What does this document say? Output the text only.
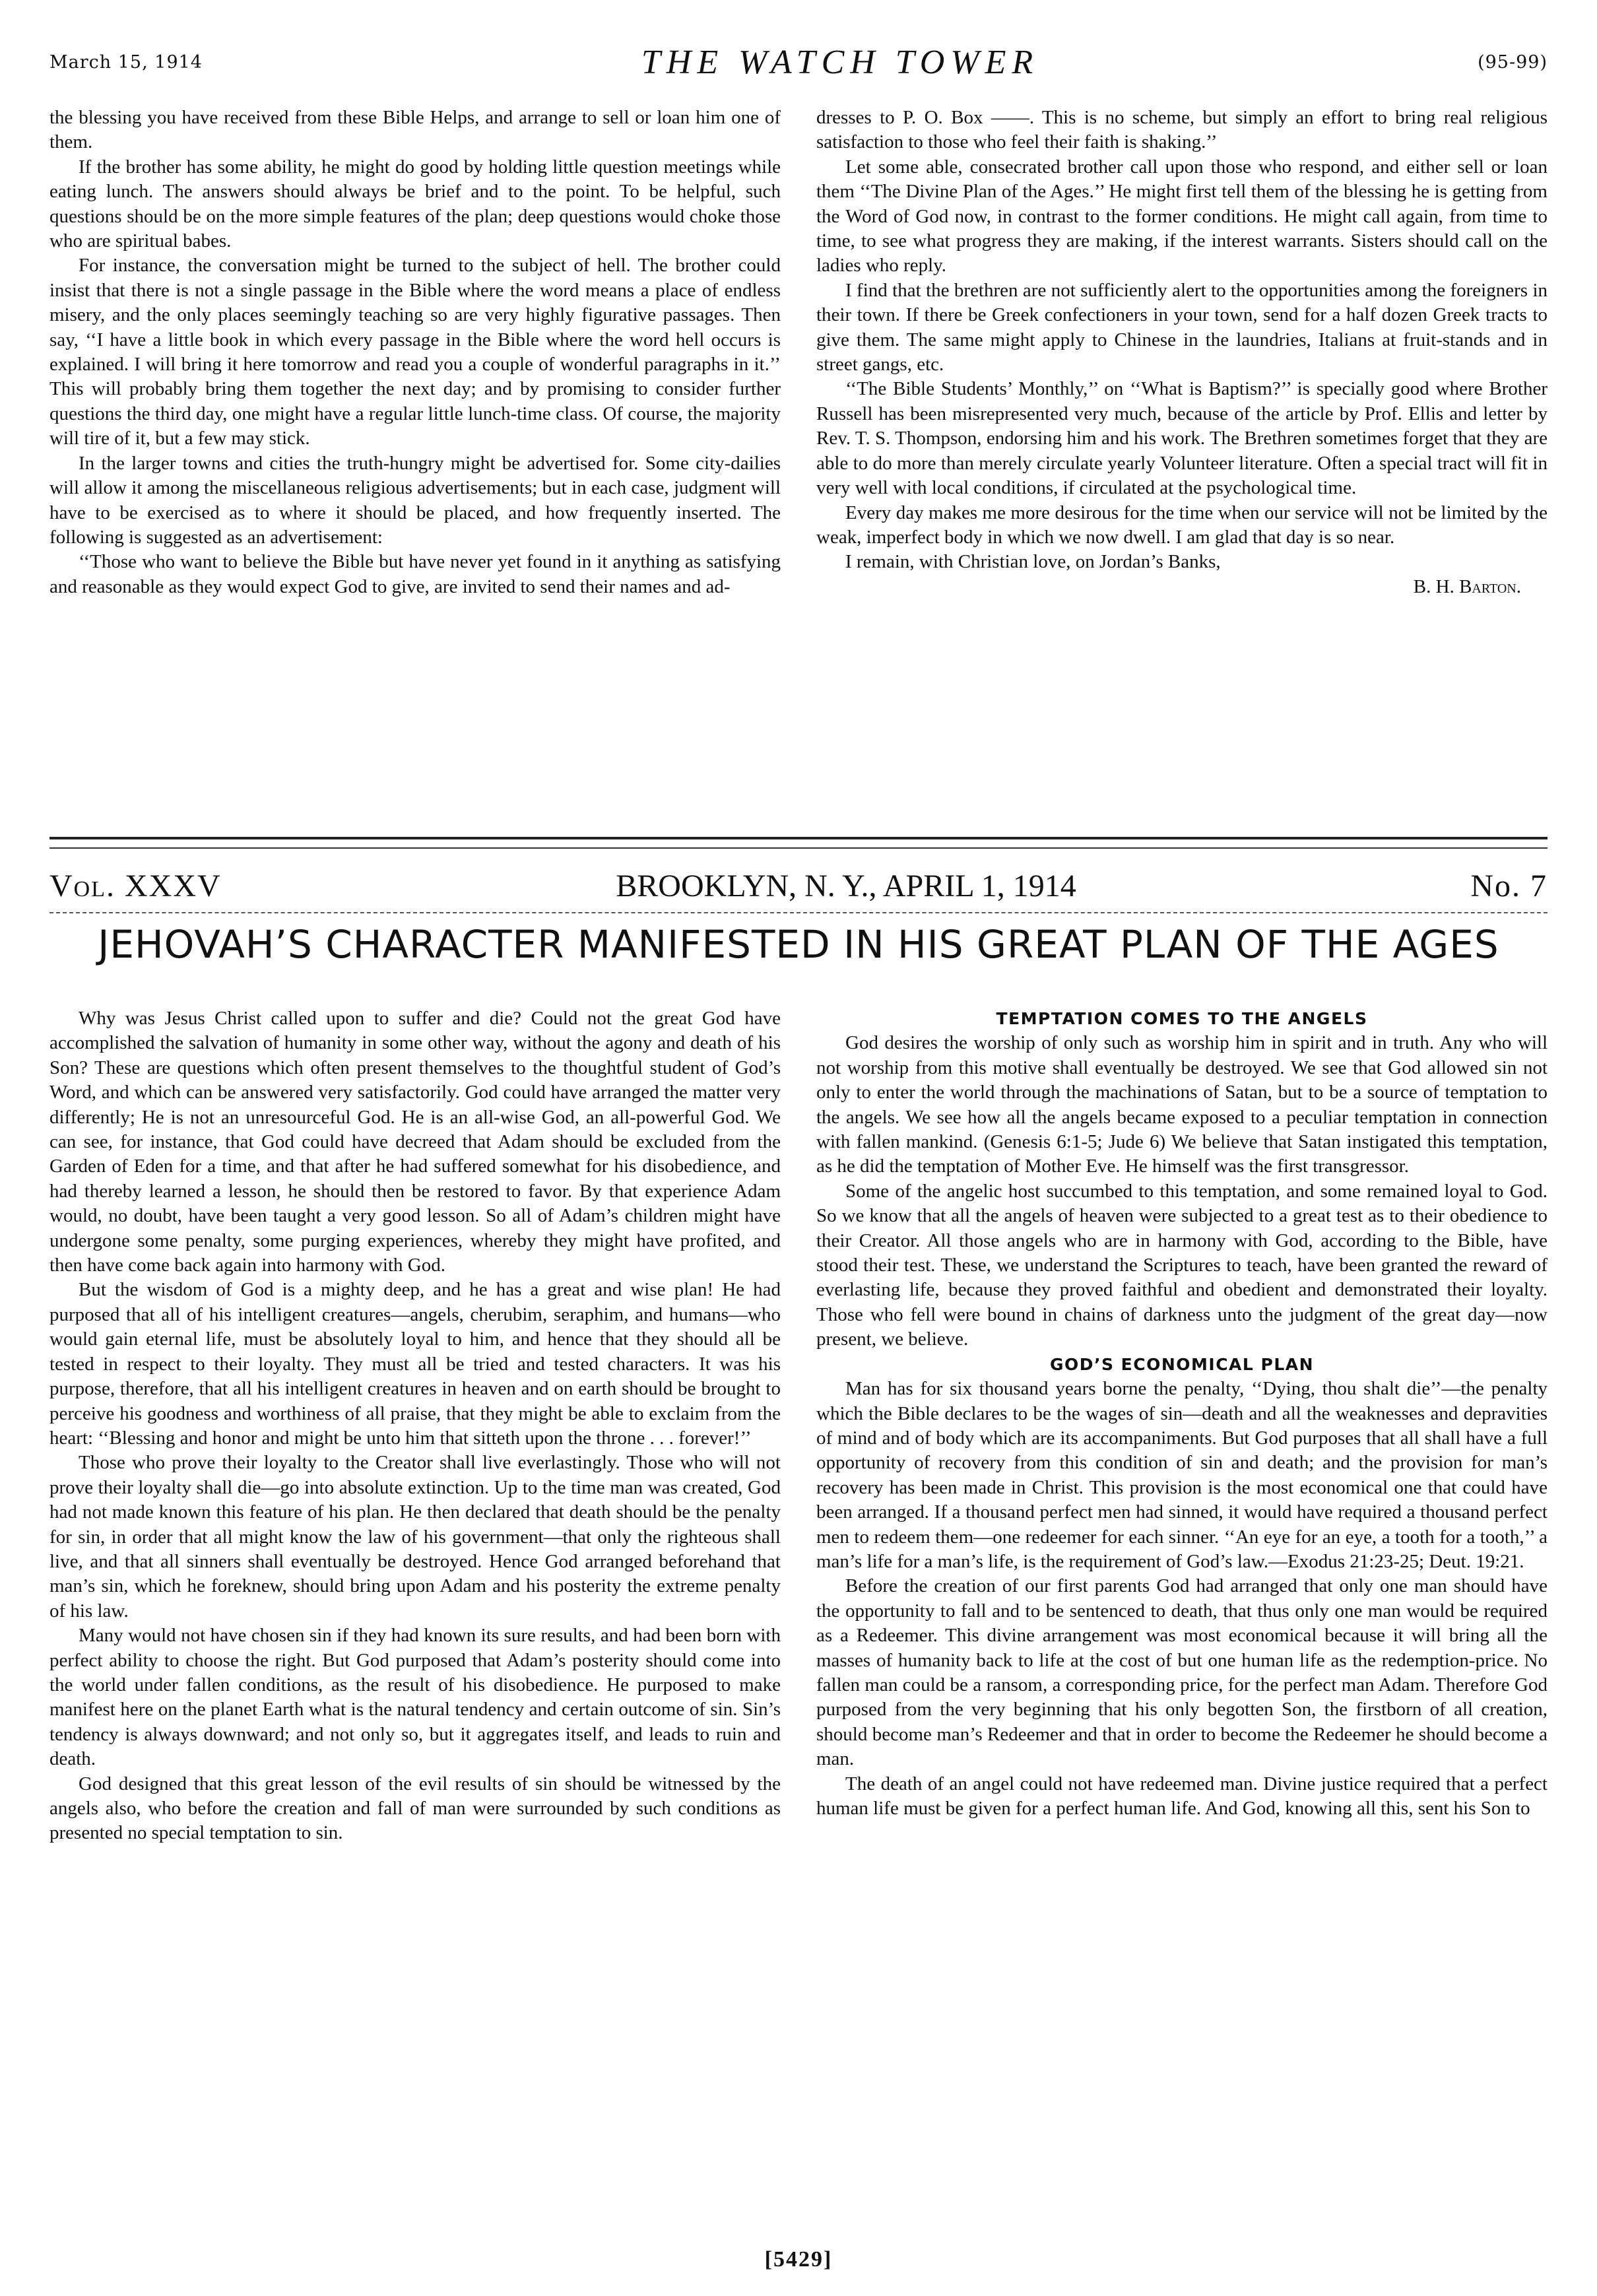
March 15, 1914	THE WATCH TOWER	(95-99)

the blessing you have received from these Bible Helps, and arrange to sell or loan him one of them.

If the brother has some ability, he might do good by holding little question meetings while eating lunch. The answers should always be brief and to the point. To be helpful, such questions should be on the more simple features of the plan; deep questions would choke those who are spiritual babes.

For instance, the conversation might be turned to the subject of hell. The brother could insist that there is not a single passage in the Bible where the word means a place of endless misery, and the only places seemingly teaching so are very highly figurative passages. Then say, ‘‘I have a little book in which every passage in the Bible where the word hell occurs is explained. I will bring it here tomorrow and read you a couple of wonderful paragraphs in it.’’ This will probably bring them together the next day; and by promising to consider further questions the third day, one might have a regular little lunch-time class. Of course, the majority will tire of it, but a few may stick.

In the larger towns and cities the truth-hungry might be advertised for. Some city-dailies will allow it among the miscellaneous religious advertisements; but in each case, judgment will have to be exercised as to where it should be placed, and how frequently inserted. The following is suggested as an advertisement:

‘‘Those who want to believe the Bible but have never yet found in it anything as satisfying and reasonable as they would expect God to give, are invited to send their names and ad-

dresses to P. O. Box ——. This is no scheme, but simply an effort to bring real religious satisfaction to those who feel their faith is shaking.’’

Let some able, consecrated brother call upon those who respond, and either sell or loan them ‘‘The Divine Plan of the Ages.’’ He might first tell them of the blessing he is getting from the Word of God now, in contrast to the former conditions. He might call again, from time to time, to see what progress they are making, if the interest warrants. Sisters should call on the ladies who reply.

I find that the brethren are not sufficiently alert to the opportunities among the foreigners in their town. If there be Greek confectioners in your town, send for a half dozen Greek tracts to give them. The same might apply to Chinese in the laundries, Italians at fruit-stands and in street gangs, etc.

‘‘The Bible Students’ Monthly,’’ on ‘‘What is Baptism?’’ is specially good where Brother Russell has been misrepresented very much, because of the article by Prof. Ellis and letter by Rev. T. S. Thompson, endorsing him and his work. The Brethren sometimes forget that they are able to do more than merely circulate yearly Volunteer literature. Often a special tract will fit in very well with local conditions, if circulated at the psychological time.

Every day makes me more desirous for the time when our service will not be limited by the weak, imperfect body in which we now dwell. I am glad that day is so near.

I remain, with Christian love, on Jordan’s Banks,

B. H. Barton.

Vol. XXXV	BROOKLYN, N. Y., APRIL 1, 1914	No. 7
JEHOVAH’S CHARACTER MANIFESTED IN HIS GREAT PLAN OF THE AGES

Why was Jesus Christ called upon to suffer and die? Could not the great God have accomplished the salvation of humanity in some other way, without the agony and death of his Son? These are questions which often present themselves to the thoughtful student of God’s Word, and which can be answered very satisfactorily. God could have arranged the matter very differently; He is not an unresourceful God. He is an all-wise God, an all-powerful God. We can see, for instance, that God could have decreed that Adam should be excluded from the Garden of Eden for a time, and that after he had suffered somewhat for his disobedience, and had thereby learned a lesson, he should then be restored to favor. By that experience Adam would, no doubt, have been taught a very good lesson. So all of Adam’s children might have undergone some penalty, some purging experiences, whereby they might have profited, and then have come back again into harmony with God.

But the wisdom of God is a mighty deep, and he has a great and wise plan! He had purposed that all of his intelligent creatures—angels, cherubim, seraphim, and humans—who would gain eternal life, must be absolutely loyal to him, and hence that they should all be tested in respect to their loyalty. They must all be tried and tested characters. It was his purpose, therefore, that all his intelligent creatures in heaven and on earth should be brought to perceive his goodness and worthiness of all praise, that they might be able to exclaim from the heart: ‘‘Blessing and honor and might be unto him that sitteth upon the throne . . . forever!’’

Those who prove their loyalty to the Creator shall live everlastingly. Those who will not prove their loyalty shall die—go into absolute extinction. Up to the time man was created, God had not made known this feature of his plan. He then declared that death should be the penalty for sin, in order that all might know the law of his government—that only the righteous shall live, and that all sinners shall eventually be destroyed. Hence God arranged beforehand that man’s sin, which he foreknew, should bring upon Adam and his posterity the extreme penalty of his law.

Many would not have chosen sin if they had known its sure results, and had been born with perfect ability to choose the right. But God purposed that Adam’s posterity should come into the world under fallen conditions, as the result of his disobedience. He purposed to make manifest here on the planet Earth what is the natural tendency and certain outcome of sin. Sin’s tendency is always downward; and not only so, but it aggregates itself, and leads to ruin and death.

God designed that this great lesson of the evil results of sin should be witnessed by the angels also, who before the creation and fall of man were surrounded by such conditions as presented no special temptation to sin.

TEMPTATION COMES TO THE ANGELS

God desires the worship of only such as worship him in spirit and in truth. Any who will not worship from this motive shall eventually be destroyed. We see that God allowed sin not only to enter the world through the machinations of Satan, but to be a source of temptation to the angels. We see how all the angels became exposed to a peculiar temptation in connection with fallen mankind. (Genesis 6:1-5; Jude 6) We believe that Satan instigated this temptation, as he did the temptation of Mother Eve. He himself was the first transgressor.

Some of the angelic host succumbed to this temptation, and some remained loyal to God. So we know that all the angels of heaven were subjected to a great test as to their obedience to their Creator. All those angels who are in harmony with God, according to the Bible, have stood their test. These, we understand the Scriptures to teach, have been granted the reward of everlasting life, because they proved faithful and obedient and demonstrated their loyalty. Those who fell were bound in chains of darkness unto the judgment of the great day—now present, we believe.

GOD’S ECONOMICAL PLAN

Man has for six thousand years borne the penalty, ‘‘Dying, thou shalt die’’—the penalty which the Bible declares to be the wages of sin—death and all the weaknesses and depravities of mind and of body which are its accompaniments. But God purposes that all shall have a full opportunity of recovery from this condition of sin and death; and the provision for man’s recovery has been made in Christ. This provision is the most economical one that could have been arranged. If a thousand perfect men had sinned, it would have required a thousand perfect men to redeem them—one redeemer for each sinner. ‘‘An eye for an eye, a tooth for a tooth,’’ a man’s life for a man’s life, is the requirement of God’s law.—Exodus 21:23-25; Deut. 19:21.

Before the creation of our first parents God had arranged that only one man should have the opportunity to fall and to be sentenced to death, that thus only one man would be required as a Redeemer. This divine arrangement was most economical because it will bring all the masses of humanity back to life at the cost of but one human life as the redemption-price. No fallen man could be a ransom, a corresponding price, for the perfect man Adam. Therefore God purposed from the very beginning that his only begotten Son, the firstborn of all creation, should become man’s Redeemer and that in order to become the Redeemer he should become a man.

The death of an angel could not have redeemed man. Divine justice required that a perfect human life must be given for a perfect human life. And God, knowing all this, sent his Son to

[5429]
